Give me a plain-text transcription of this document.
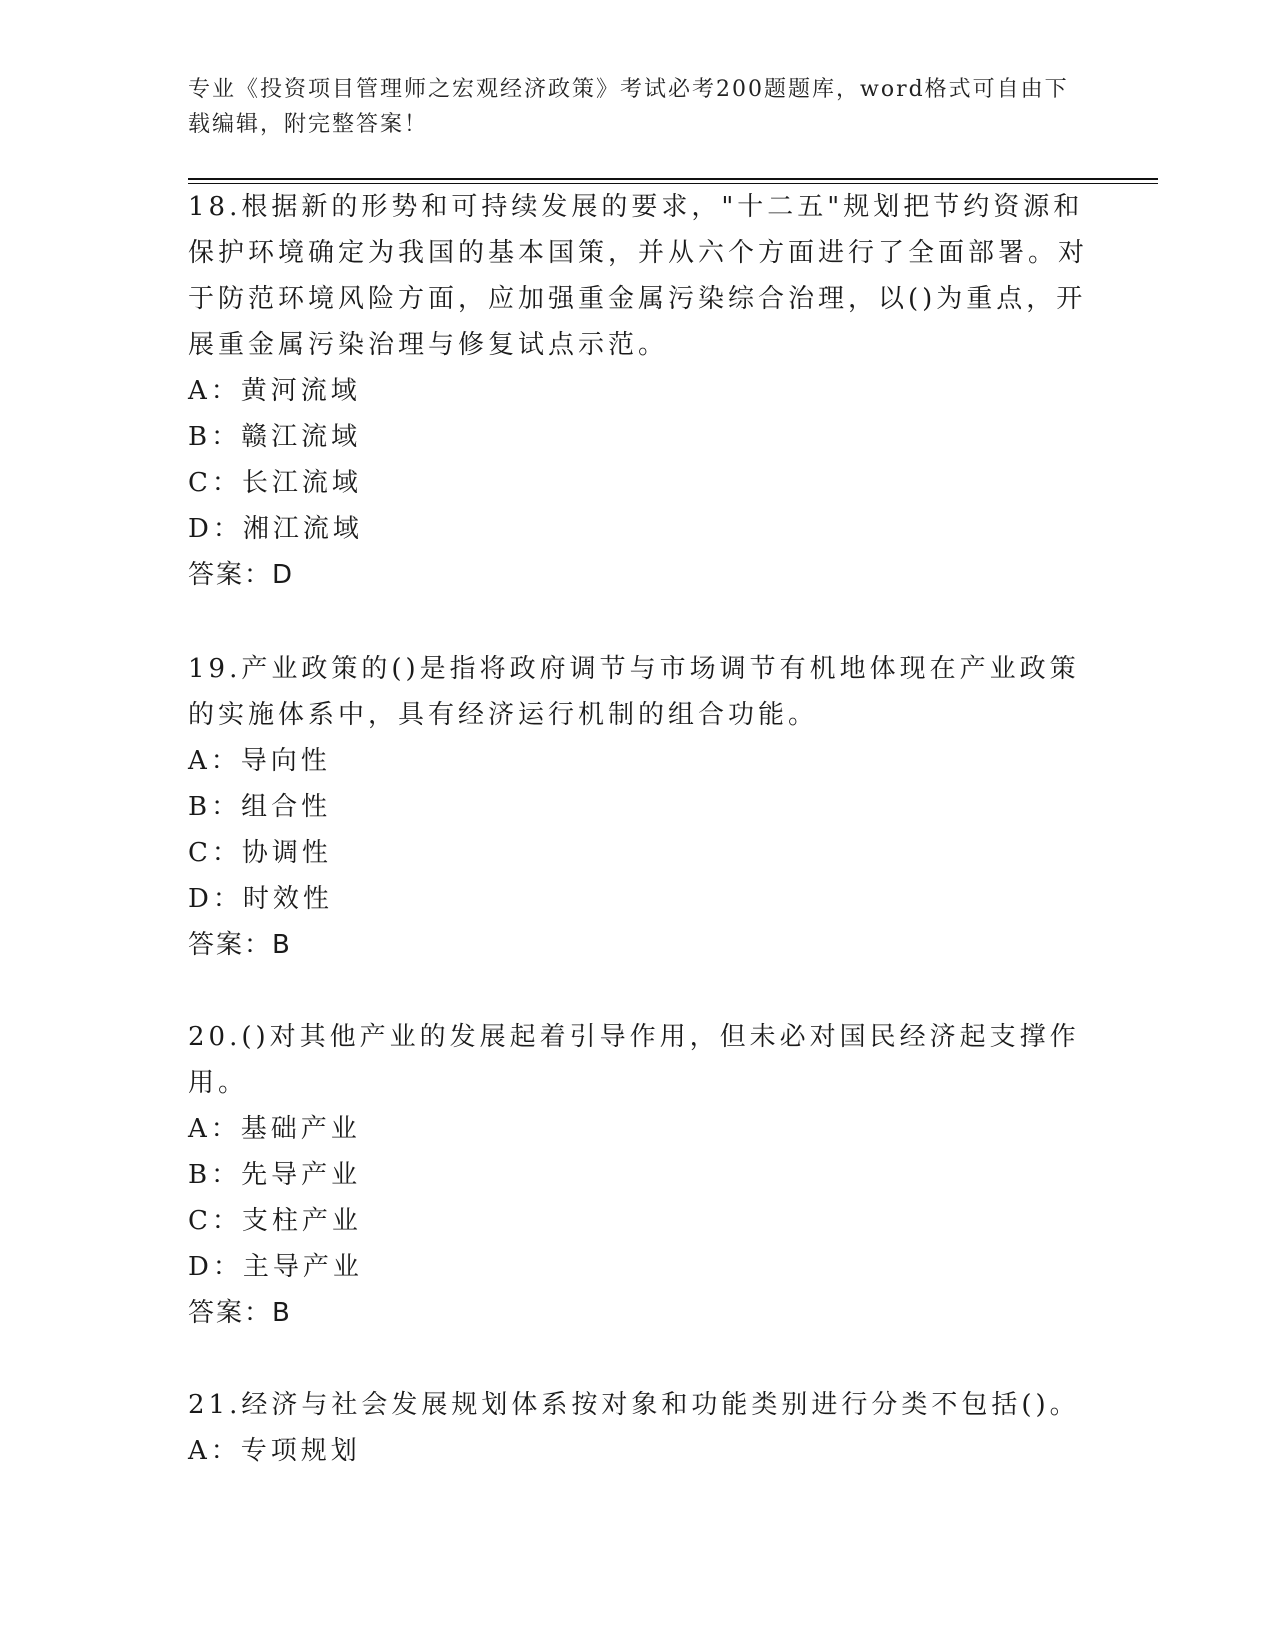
专业《投资项目管理师之宏观经济政策》考试必考200题题库，word格式可自由下载编辑，附完整答案！
18.根据新的形势和可持续发展的要求，"十二五"规划把节约资源和保护环境确定为我国的基本国策，并从六个方面进行了全面部署。对于防范环境风险方面，应加强重金属污染综合治理，以()为重点，开展重金属污染治理与修复试点示范。
A：黄河流域
B：赣江流域
C：长江流域
D：湘江流域
答案：D
19.产业政策的()是指将政府调节与市场调节有机地体现在产业政策的实施体系中，具有经济运行机制的组合功能。
A：导向性
B：组合性
C：协调性
D：时效性
答案：B
20.()对其他产业的发展起着引导作用，但未必对国民经济起支撑作用。
A：基础产业
B：先导产业
C：支柱产业
D：主导产业
答案：B
21.经济与社会发展规划体系按对象和功能类别进行分类不包括()。
A：专项规划
